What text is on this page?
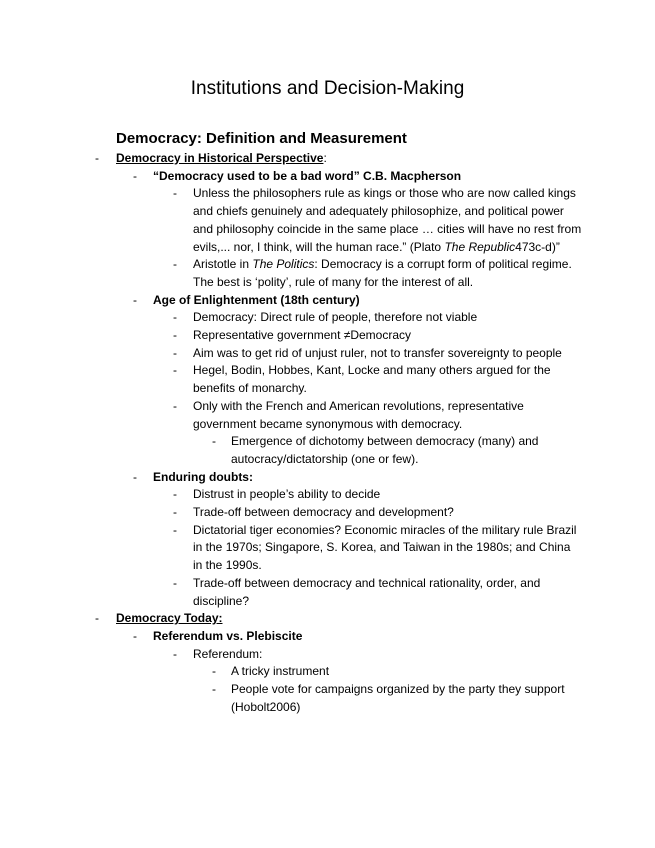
Institutions and Decision-Making
Democracy: Definition and Measurement
-	Democracy in Historical Perspective:
-	“Democracy used to be a bad word” C.B. Macpherson
-	Unless the philosophers rule as kings or those who are now called kings and chiefs genuinely and adequately philosophize, and political power and philosophy coincide in the same place … cities will have no rest from evils,... nor, I think, will the human race.” (Plato The Republic473c-d)”
-	Aristotle in The Politics: Democracy is a corrupt form of political regime. The best is ‘polity’, rule of many for the interest of all.
-	Age of Enlightenment (18th century)
-	Democracy: Direct rule of people, therefore not viable
-	Representative government ≠Democracy
-	Aim was to get rid of unjust ruler, not to transfer sovereignty to people
-	Hegel, Bodin, Hobbes, Kant, Locke and many others argued for the benefits of monarchy.
-	Only with the French and American revolutions, representative government became synonymous with democracy.
-	Emergence of dichotomy between democracy (many) and autocracy/dictatorship (one or few).
-	Enduring doubts:
-	Distrust in people’s ability to decide
-	Trade-off between democracy and development?
-	Dictatorial tiger economies? Economic miracles of the military rule Brazil in the 1970s; Singapore, S. Korea, and Taiwan in the 1980s; and China in the 1990s.
-	Trade-off between democracy and technical rationality, order, and discipline?
-	Democracy Today:
-	Referendum vs. Plebiscite
-	Referendum:
-	A tricky instrument
-	People vote for campaigns organized by the party they support (Hobolt2006)
